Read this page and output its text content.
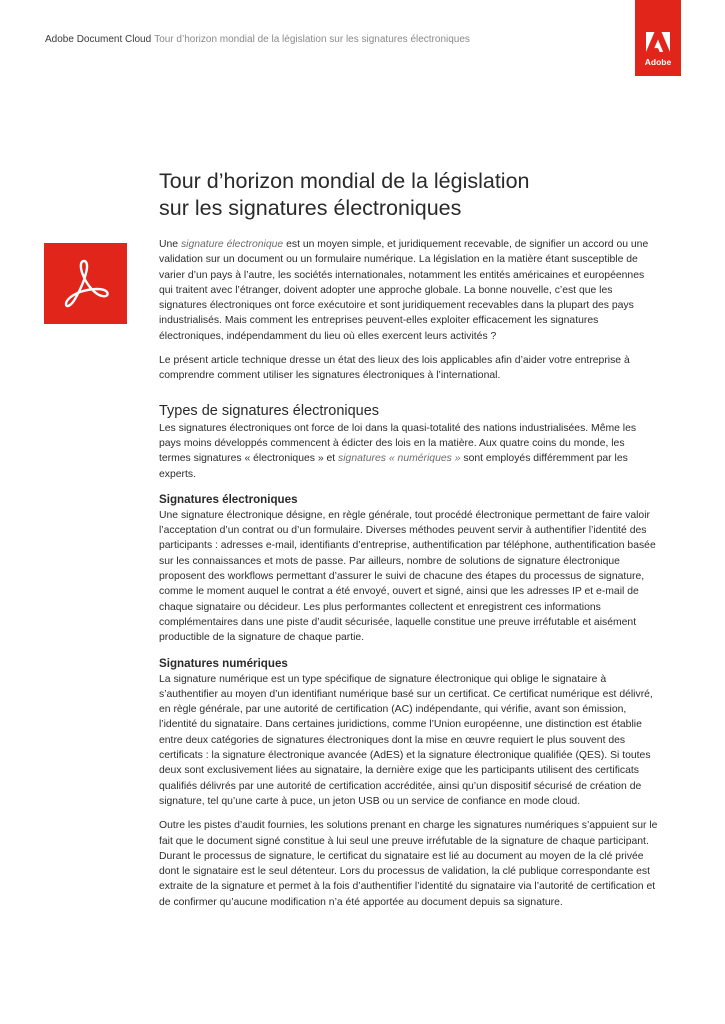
Adobe Document Cloud Tour d’horizon mondial de la législation sur les signatures électroniques
Adobe
Tour d’horizon mondial de la législation
sur les signatures électroniques

Une signature électronique est un moyen simple, et juridiquement recevable, de signifier un accord ou une validation sur un document ou un formulaire numérique. La législation en la matière étant susceptible de varier d’un pays à l’autre, les sociétés internationales, notamment les entités américaines et européennes qui traitent avec l’étranger, doivent adopter une approche globale. La bonne nouvelle, c’est que les signatures électroniques ont force exécutoire et sont juridiquement recevables dans la plupart des pays industrialisés. Mais comment les entreprises peuvent-elles exploiter efficacement les signatures électroniques, indépendamment du lieu où elles exercent leurs activités ?

Le présent article technique dresse un état des lieux des lois applicables afin d’aider votre entreprise à comprendre comment utiliser les signatures électroniques à l’international.

Types de signatures électroniques

Les signatures électroniques ont force de loi dans la quasi-totalité des nations industrialisées. Même les pays moins développés commencent à édicter des lois en la matière. Aux quatre coins du monde, les termes signatures « électroniques » et signatures « numériques » sont employés différemment par les experts.

Signatures électroniques

Une signature électronique désigne, en règle générale, tout procédé électronique permettant de faire valoir l’acceptation d’un contrat ou d’un formulaire. Diverses méthodes peuvent servir à authentifier l’identité des participants : adresses e-mail, identifiants d’entreprise, authentification par téléphone, authentification basée sur les connaissances et mots de passe. Par ailleurs, nombre de solutions de signature électronique proposent des workflows permettant d’assurer le suivi de chacune des étapes du processus de signature, comme le moment auquel le contrat a été envoyé, ouvert et signé, ainsi que les adresses IP et e-mail de chaque signataire ou décideur. Les plus performantes collectent et enregistrent ces informations complémentaires dans une piste d’audit sécurisée, laquelle constitue une preuve irréfutable et aisément productible de la signature de chaque partie.

Signatures numériques

La signature numérique est un type spécifique de signature électronique qui oblige le signataire à s’authentifier au moyen d’un identifiant numérique basé sur un certificat. Ce certificat numérique est délivré, en règle générale, par une autorité de certification (AC) indépendante, qui vérifie, avant son émission, l’identité du signataire. Dans certaines juridictions, comme l’Union européenne, une distinction est établie entre deux catégories de signatures électroniques dont la mise en œuvre requiert le plus souvent des certificats : la signature électronique avancée (AdES) et la signature électronique qualifiée (QES). Si toutes deux sont exclusivement liées au signataire, la dernière exige que les participants utilisent des certificats qualifiés délivrés par une autorité de certification accréditée, ainsi qu’un dispositif sécurisé de création de signature, tel qu’une carte à puce, un jeton USB ou un service de confiance en mode cloud.

Outre les pistes d’audit fournies, les solutions prenant en charge les signatures numériques s’appuient sur le fait que le document signé constitue à lui seul une preuve irréfutable de la signature de chaque participant. Durant le processus de signature, le certificat du signataire est lié au document au moyen de la clé privée dont le signataire est le seul détenteur. Lors du processus de validation, la clé publique correspondante est extraite de la signature et permet à la fois d’authentifier l’identité du signataire via l’autorité de certification et de confirmer qu’aucune modification n’a été apportée au document depuis sa signature.
